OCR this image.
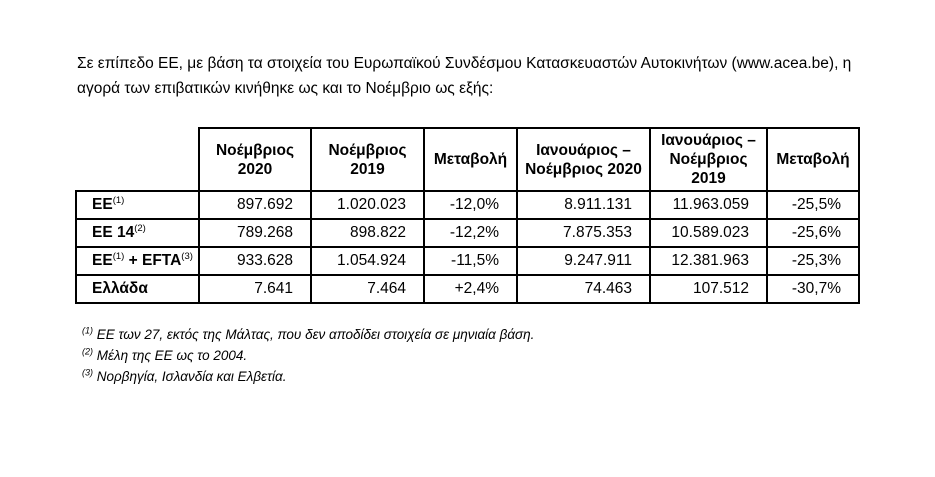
Σε επίπεδο ΕΕ, με βάση τα στοιχεία του Ευρωπαϊκού Συνδέσμου Κατασκευαστών Αυτοκινήτων (www.acea.be), η αγορά των επιβατικών κινήθηκε ως και το Νοέμβριο ως εξής:

	Νοέμβριος 2020	Νοέμβριος 2019	Μεταβολή	Ιανουάριος – Νοέμβριος 2020	Ιανουάριος – Νοέμβριος 2019	Μεταβολή
ΕΕ$^{(1)}$	897.692	1.020.023	-12,0%	8.911.131	11.963.059	-25,5%
ΕΕ 14$^{(2)}$	789.268	898.822	-12,2%	7.875.353	10.589.023	-25,6%
$EE^{(1)}$ + $EFTA^{(3)}$	933.628	1.054.924	-11,5%	9.247.911	12.381.963	-25,3%
Ελλάδα	7.641	7.464	+2,4%	74.463	107.512	-30,7%

$^{(1)}$ ΕΕ των 27, εκτός της Μάλτας, που δεν αποδίδει στοιχεία σε μηνιαία βάση.

$^{(2)}$ Μέλη της ΕΕ ως το 2004.

$^{(3)}$ Νορβηγία, Ισλανδία και Ελβετία.
